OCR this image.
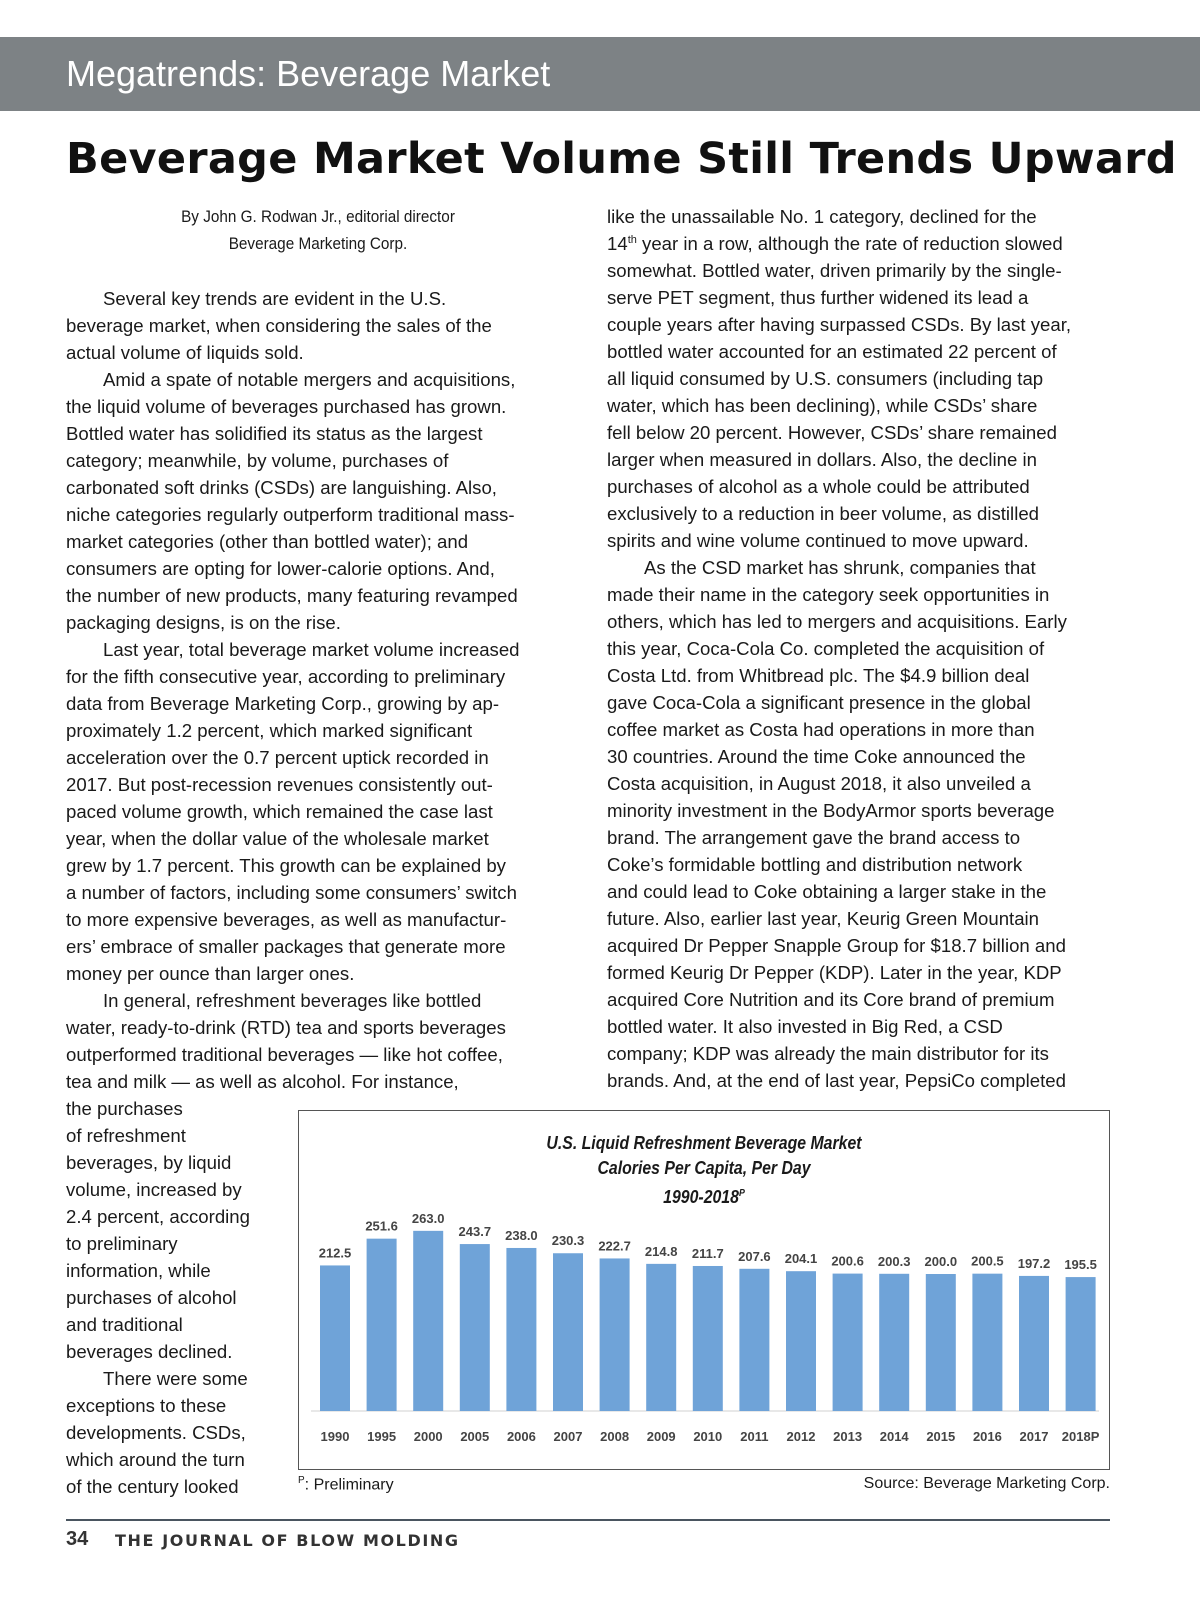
Megatrends: Beverage Market
Beverage Market Volume Still Trends Upward
By John G. Rodwan Jr., editorial director
Beverage Marketing Corp.
Several key trends are evident in the U.S.
beverage market, when considering the sales of the
actual volume of liquids sold.
Amid a spate of notable mergers and acquisitions,
the liquid volume of beverages purchased has grown.
Bottled water has solidified its status as the largest
category; meanwhile, by volume, purchases of
carbonated soft drinks (CSDs) are languishing. Also,
niche categories regularly outperform traditional mass-
market categories (other than bottled water); and
consumers are opting for lower-calorie options. And,
the number of new products, many featuring revamped
packaging designs, is on the rise.
Last year, total beverage market volume increased
for the fifth consecutive year, according to preliminary
data from Beverage Marketing Corp., growing by ap-
proximately 1.2 percent, which marked significant
acceleration over the 0.7 percent uptick recorded in
2017. But post-recession revenues consistently out-
paced volume growth, which remained the case last
year, when the dollar value of the wholesale market
grew by 1.7 percent. This growth can be explained by
a number of factors, including some consumers’ switch
to more expensive beverages, as well as manufactur-
ers’ embrace of smaller packages that generate more
money per ounce than larger ones.
In general, refreshment beverages like bottled
water, ready-to-drink (RTD) tea and sports beverages
outperformed traditional beverages — like hot coffee,
tea and milk — as well as alcohol. For instance,
the purchases
of refreshment
beverages, by liquid
volume, increased by
2.4 percent, according
to preliminary
information, while
purchases of alcohol
and traditional
beverages declined.
There were some
exceptions to these
developments. CSDs,
which around the turn
of the century looked
like the unassailable No. 1 category, declined for the
14th year in a row, although the rate of reduction slowed
somewhat. Bottled water, driven primarily by the single-
serve PET segment, thus further widened its lead a
couple years after having surpassed CSDs. By last year,
bottled water accounted for an estimated 22 percent of
all liquid consumed by U.S. consumers (including tap
water, which has been declining), while CSDs’ share
fell below 20 percent. However, CSDs’ share remained
larger when measured in dollars. Also, the decline in
purchases of alcohol as a whole could be attributed
exclusively to a reduction in beer volume, as distilled
spirits and wine volume continued to move upward.
As the CSD market has shrunk, companies that
made their name in the category seek opportunities in
others, which has led to mergers and acquisitions. Early
this year, Coca-Cola Co. completed the acquisition of
Costa Ltd. from Whitbread plc. The $4.9 billion deal
gave Coca-Cola a significant presence in the global
coffee market as Costa had operations in more than
30 countries. Around the time Coke announced the
Costa acquisition, in August 2018, it also unveiled a
minority investment in the BodyArmor sports beverage
brand. The arrangement gave the brand access to
Coke’s formidable bottling and distribution network
and could lead to Coke obtaining a larger stake in the
future. Also, earlier last year, Keurig Green Mountain
acquired Dr Pepper Snapple Group for $18.7 billion and
formed Keurig Dr Pepper (KDP). Later in the year, KDP
acquired Core Nutrition and its Core brand of premium
bottled water. It also invested in Big Red, a CSD
company; KDP was already the main distributor for its
brands. And, at the end of last year, PepsiCo completed
U.S. Liquid Refreshment Beverage Market
Calories Per Capita, Per Day
$1990-2018^P$
212.5
1990
251.6
1995
263.0
2000
243.7
2005
238.0
2006
230.3
2007
222.7
2008
214.8
2009
211.7
2010
207.6
2011
204.1
2012
200.6
2013
200.3
2014
200.0
2015
200.5
2016
197.2
2017
195.5
2018P
$^P$: Preliminary	Source: Beverage Marketing Corp.
34 THE JOURNAL OF BLOW MOLDING
